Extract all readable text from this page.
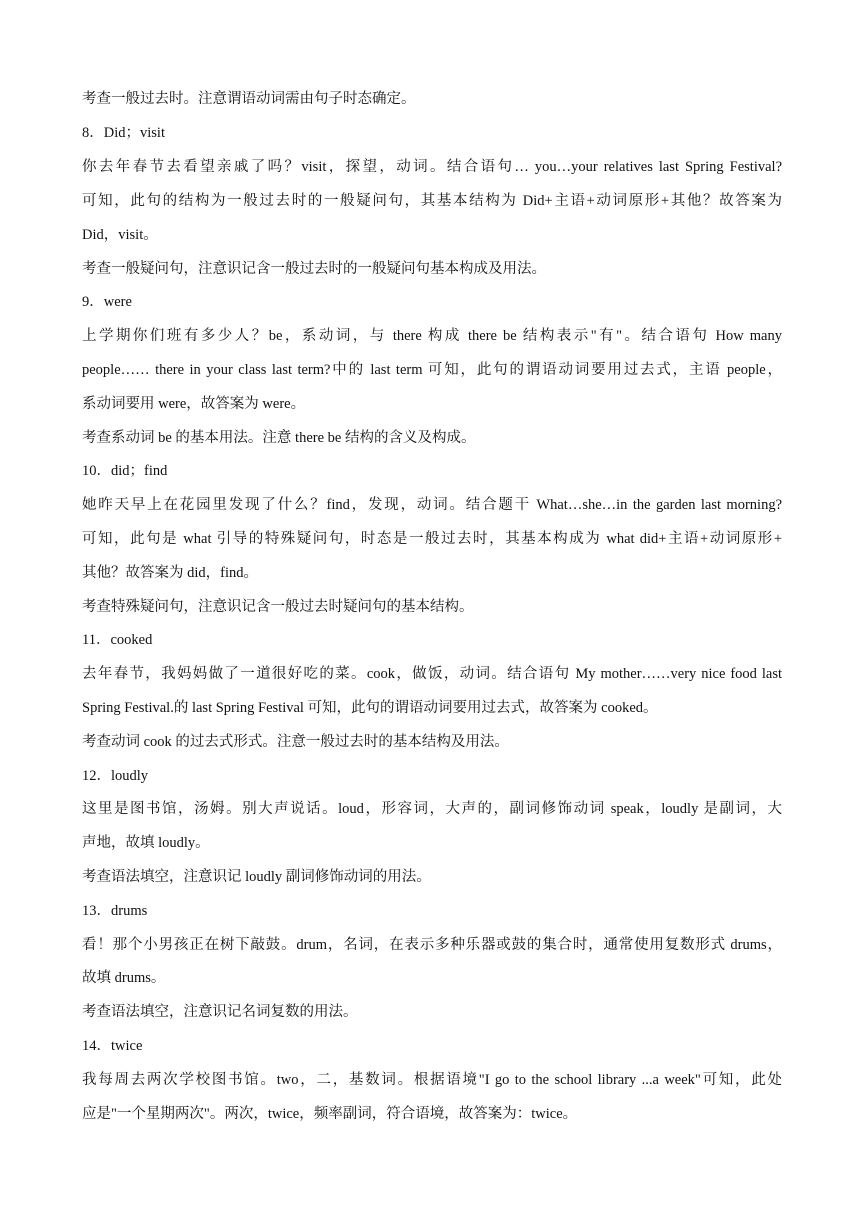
考查一般过去时。注意谓语动词需由句子时态确定。
8．Did；visit
你去年春节去看望亲戚了吗？visit，探望，动词。结合语句… you…your relatives last Spring Festival?
可知，此句的结构为一般过去时的一般疑问句，其基本结构为 Did+主语+动词原形+其他？故答案为
Did，visit。
考查一般疑问句，注意识记含一般过去时的一般疑问句基本构成及用法。
9．were
上学期你们班有多少人？be，系动词，与 there 构成 there be 结构表示"有"。结合语句 How many
people…… there in your class last term?中的 last term 可知，此句的谓语动词要用过去式，主语 people，
系动词要用 were，故答案为 were。
考查系动词 be 的基本用法。注意 there be 结构的含义及构成。
10．did；find
她昨天早上在花园里发现了什么？find，发现，动词。结合题干 What…she…in the garden last morning?
可知，此句是 what 引导的特殊疑问句，时态是一般过去时，其基本构成为 what did+主语+动词原形+
其他？故答案为 did，find。
考查特殊疑问句，注意识记含一般过去时疑问句的基本结构。
11．cooked
去年春节，我妈妈做了一道很好吃的菜。cook，做饭，动词。结合语句 My mother……very nice food last
Spring Festival.的 last Spring Festival 可知，此句的谓语动词要用过去式，故答案为 cooked。
考查动词 cook 的过去式形式。注意一般过去时的基本结构及用法。
12．loudly
这里是图书馆，汤姆。别大声说话。loud，形容词，大声的，副词修饰动词 speak，loudly 是副词，大
声地，故填 loudly。
考查语法填空，注意识记 loudly 副词修饰动词的用法。
13．drums
看！那个小男孩正在树下敲鼓。drum，名词，在表示多种乐器或鼓的集合时，通常使用复数形式 drums，
故填 drums。
考查语法填空，注意识记名词复数的用法。
14．twice
我每周去两次学校图书馆。two，二，基数词。根据语境"I go to the school library ...a week"可知，此处
应是"一个星期两次"。两次，twice，频率副词，符合语境，故答案为：twice。
